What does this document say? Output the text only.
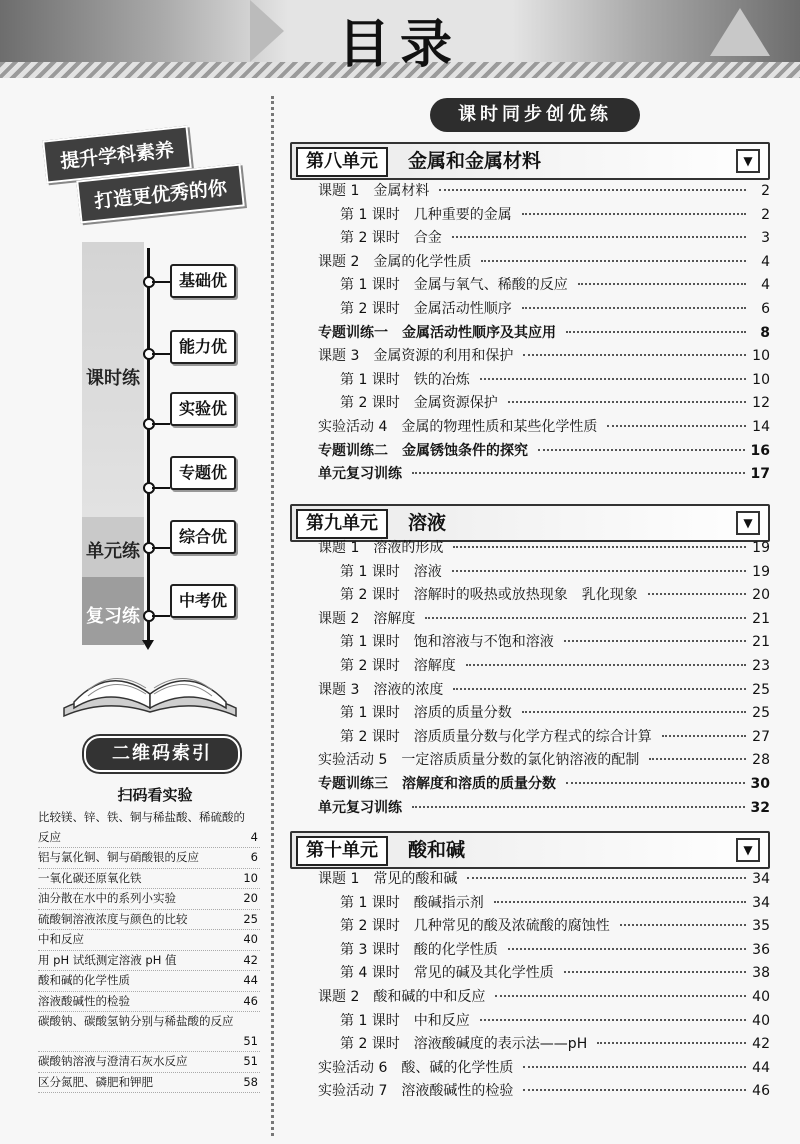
目录
提升学科素养
打造更优秀的你
课时练
单元练
复习练
基础优
能力优
实验优
专题优
综合优
中考优
二维码索引
扫码看实验
比较镁、锌、铁、铜与稀盐酸、稀硫酸的
反应	4
铝与氯化铜、铜与硝酸银的反应	6
一氧化碳还原氧化铁	10
油分散在水中的系列小实验	20
硫酸铜溶液浓度与颜色的比较	25
中和反应	40
用 pH 试纸测定溶液 pH 值	42
酸和碱的化学性质	44
溶液酸碱性的检验	46
碳酸钠、碳酸氢钠分别与稀盐酸的反应
51
碳酸钠溶液与澄清石灰水反应	51
区分氮肥、磷肥和钾肥	58
课时同步创优练
第八单元	金属和金属材料	▼
课题 1　金属材料	2
第 1 课时　几种重要的金属	2
第 2 课时　合金	3
课题 2　金属的化学性质	4
第 1 课时　金属与氧气、稀酸的反应	4
第 2 课时　金属活动性顺序	6
专题训练一　金属活动性顺序及其应用	8
课题 3　金属资源的利用和保护	10
第 1 课时　铁的冶炼	10
第 2 课时　金属资源保护	12
实验活动 4　金属的物理性质和某些化学性质	14
专题训练二　金属锈蚀条件的探究	16
单元复习训练	17
第九单元	溶液	▼
课题 1　溶液的形成	19
第 1 课时　溶液	19
第 2 课时　溶解时的吸热或放热现象　乳化现象	20
课题 2　溶解度	21
第 1 课时　饱和溶液与不饱和溶液	21
第 2 课时　溶解度	23
课题 3　溶液的浓度	25
第 1 课时　溶质的质量分数	25
第 2 课时　溶质质量分数与化学方程式的综合计算	27
实验活动 5　一定溶质质量分数的氯化钠溶液的配制	28
专题训练三　溶解度和溶质的质量分数	30
单元复习训练	32
第十单元	酸和碱	▼
课题 1　常见的酸和碱	34
第 1 课时　酸碱指示剂	34
第 2 课时　几种常见的酸及浓硫酸的腐蚀性	35
第 3 课时　酸的化学性质	36
第 4 课时　常见的碱及其化学性质	38
课题 2　酸和碱的中和反应	40
第 1 课时　中和反应	40
第 2 课时　溶液酸碱度的表示法——pH	42
实验活动 6　酸、碱的化学性质	44
实验活动 7　溶液酸碱性的检验	46
